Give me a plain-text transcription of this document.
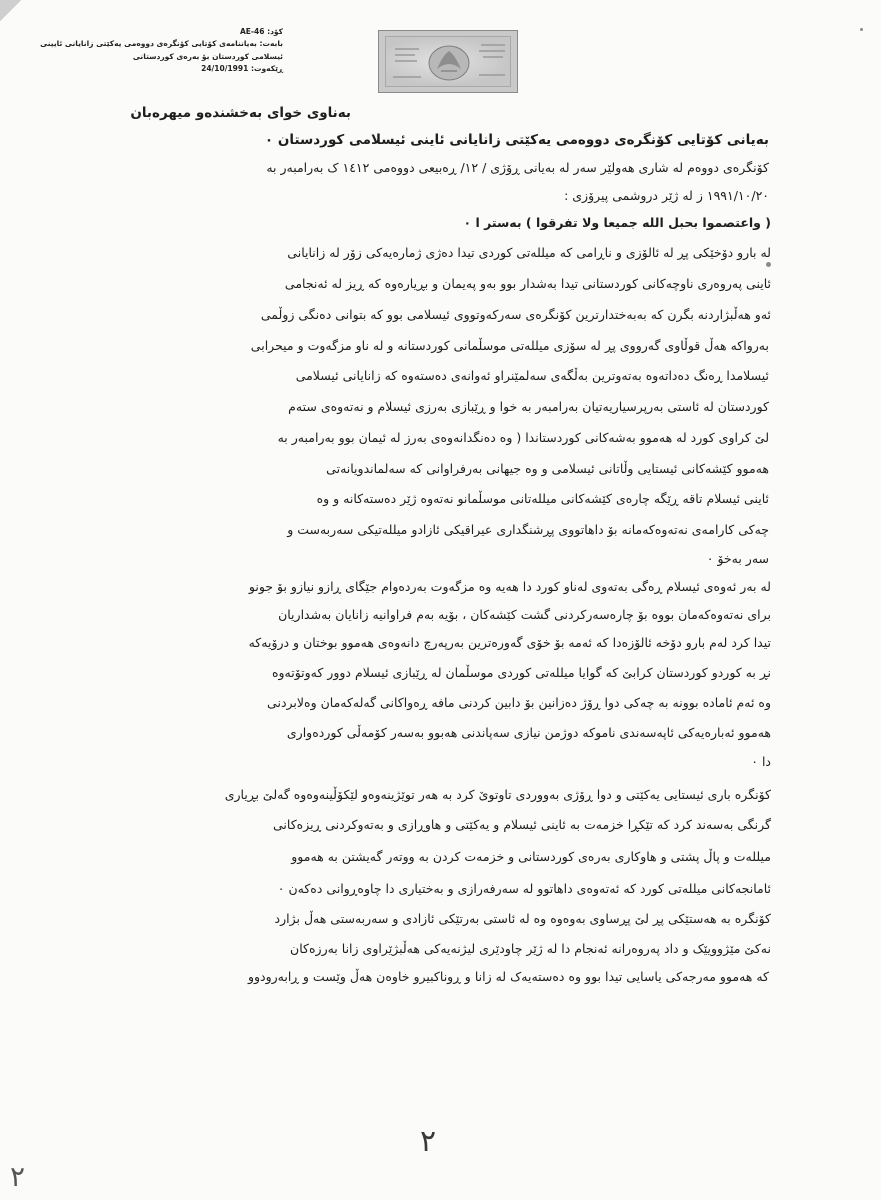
کۆد: AE-46
بابەت: بەیاننامەی کۆتایی کۆنگرەی دووەمی یەکێتی زانایانی ئایینی
ئیسلامی کوردستان بۆ بەرەی کوردستانی
ڕێکەوت: 24/10/1991
بەناوی خوای بەخشندەو میهرەبان
بەیانی کۆتایی کۆنگرەی دووەمی یەکێتی زانایانی ئاینی ئیسلامی کوردستان ٠
کۆنگرەی دووەم لە شاری هەولێر سەر لە بەیانی ڕۆژی / ١٢/ ڕەبیعی دووەمی ١٤١٢ ک بەرامبەر بە
١٩٩١/١٠/٢٠ ز لە ژێر دروشمی پیرۆزی :
( واعتصموا بحبل الله جمیعا ولا تفرقوا ) بەستر ا ٠
لە بارو دۆخێکی پڕ لە ئالۆزی و ناڕامی کە میللەتی کوردی تیدا دەژی ژمارەیەکی زۆر لە زانایانی
ئاینی پەروەری ناوچەکانی کوردستانی تیدا بەشدار بوو بەو پەیمان و بڕیارەوە کە ڕیز لە ئەنجامی
ئەو هەڵبژاردنە بگرن کە بەبەختدارترین کۆنگرەی سەرکەوتووی ئیسلامی بوو کە بتوانی دەنگی زوڵمی
بەرواکە هەڵ قوڵاوی گەرووی پڕ لە سۆزی میللەتی موسڵمانی کوردستانە و لە ناو مزگەوت و میحرابی
ئیسلامدا ڕەنگ دەداتەوە بەتەوترین بەڵگەی سەلمێنراو ئەوانەی دەستەوە کە زانایانی ئیسلامی
کوردستان لە ئاستی بەرپرسیاریەتیان بەرامبەر بە خوا و ڕێبازی بەرزی ئیسلام و نەتەوەی ستەم
لێ کراوی کورد لە هەموو بەشەکانی کوردستاندا ( وە دەنگدانەوەی بەرز لە ئیمان بوو بەرامبەر بە
هەموو کێشەکانی ئیستایی وڵاتانی ئیسلامی و وە جیهانی بەرفراوانی کە سەلماندویانەتی
ئاینی ئیسلام تاقە ڕێگە چارەی کێشەکانی میللەتانی موسڵمانو نەتەوە ژێر دەستەکانە و وە
چەکی کارامەی نەتەوەکەمانە بۆ داهاتووی پڕشنگداری عیراقیکی ئازادو میللەتیکی سەربەست و
سەر بەخۆ ٠
لە بەر ئەوەی ئیسلام ڕەگی بەتەوی لەناو کورد دا هەیە وە مزگەوت بەردەوام جێگای ڕازو نیازو بۆ جونو
برای نەتەوەکەمان بووە بۆ چارەسەرکردنی گشت کێشەکان ، بۆیە بەم فراوانیە زانایان بەشداریان
تیدا کرد لەم بارو دۆخە ئالۆزەدا کە ئەمە بۆ خۆی گەورەترین بەرپەرچ دانەوەی هەموو بوختان و درۆیەکە
نڕ بە کوردو کوردستان کرابێ کە گوایا میللەتی کوردی موسڵمان لە ڕێبازی ئیسلام دوور کەوتۆتەوە
وە ئەم ئامادە بوونە بە چەکی دوا ڕۆژ دەزانین بۆ دابین کردنی مافە ڕەواکانی گەلەکەمان وەلابردنی
هەموو ئەبارەیەکی ئاپەسەندی ناموکە دوژمن نیازی سەپاندنی هەبوو بەسەر کۆمەڵی کوردەواری
دا ٠
کۆنگرە باری ئیستایی یەکێتی و دوا ڕۆژی بەووردی تاوتوێ کرد بە هەر توێژینەوەو لێکۆڵینەوەوە گەلێ بڕیاری
گرنگی بەسەند کرد کە تێکڕا خزمەت بە ئاینی ئیسلام و یەکێتی و هاوڕازی و بەتەوکردنی ڕیزەکانی
میللەت و پاڵ پشتی و هاوکاری بەرەی کوردستانی و خزمەت کردن بە ووتەر گەیشتن بە هەموو
ئامانجەکانی میللەتی کورد کە ئەتەوەی داهاتوو لە سەرفەرازی و بەختیاری دا چاوەڕوانی دەکەن ٠
کۆنگرە بە هەستێکی پڕ لێ پڕساوی بەوەوە وە لە ئاستی بەرتێکی ئازادی و سەربەستی هەڵ بژارد
نەکێ مێژوویێک و داد پەروەرانە ئەنجام دا لە ژێر چاودێری لیژنەیەکی هەڵبژێراوی زانا بەرزەکان
کە هەموو مەرجەکی یاسایی تیدا بوو وە دەستەیەک لە زانا و ڕوناکبیرو خاوەن هەڵ وێست و ڕابەرودوو
٢
٢
